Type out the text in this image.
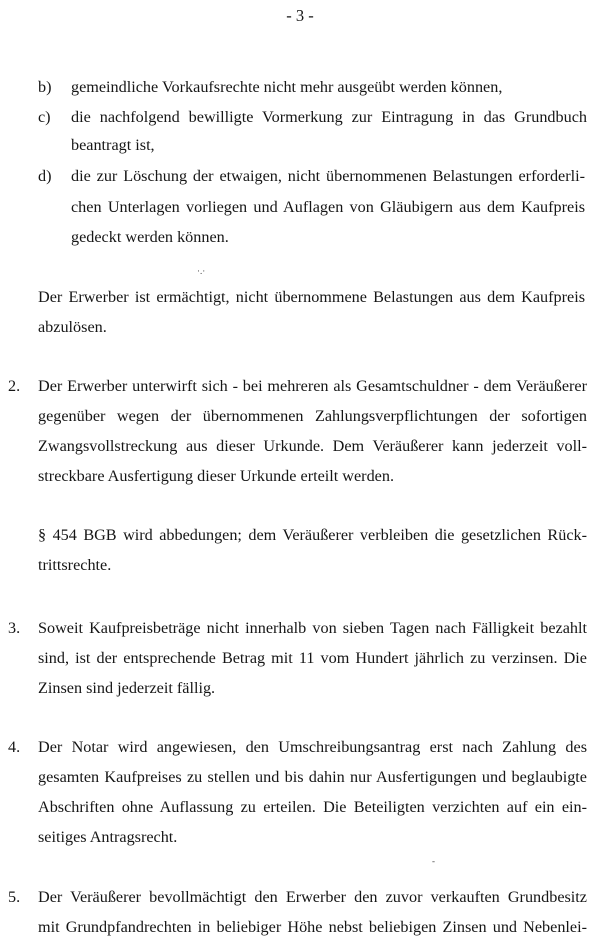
- 3 -
b) gemeindliche Vorkaufsrechte nicht mehr ausgeübt werden können,
c) die nachfolgend bewilligte Vormerkung zur Eintragung in das Grundbuch
beantragt ist,
d) die zur Löschung der etwaigen, nicht übernommenen Belastungen erforderli-
chen Unterlagen vorliegen und Auflagen von Gläubigern aus dem Kaufpreis
gedeckt werden können.
·.·
Der Erwerber ist ermächtigt, nicht übernommene Belastungen aus dem Kaufpreis
abzulösen.
2. Der Erwerber unterwirft sich - bei mehreren als Gesamtschuldner - dem Veräußerer
gegenüber wegen der übernommenen Zahlungsverpflichtungen der sofortigen
Zwangsvollstreckung aus dieser Urkunde. Dem Veräußerer kann jederzeit voll-
streckbare Ausfertigung dieser Urkunde erteilt werden.
§ 454 BGB wird abbedungen; dem Veräußerer verbleiben die gesetzlichen Rück-
trittsrechte.
3. Soweit Kaufpreisbeträge nicht innerhalb von sieben Tagen nach Fälligkeit bezahlt
sind, ist der entsprechende Betrag mit 11 vom Hundert jährlich zu verzinsen. Die
Zinsen sind jederzeit fällig.
4. Der Notar wird angewiesen, den Umschreibungsantrag erst nach Zahlung des
gesamten Kaufpreises zu stellen und bis dahin nur Ausfertigungen und beglaubigte
Abschriften ohne Auflassung zu erteilen. Die Beteiligten verzichten auf ein ein-
seitiges Antragsrecht.
-
5. Der Veräußerer bevollmächtigt den Erwerber den zuvor verkauften Grundbesitz
mit Grundpfandrechten in beliebiger Höhe nebst beliebigen Zinsen und Nebenlei-
